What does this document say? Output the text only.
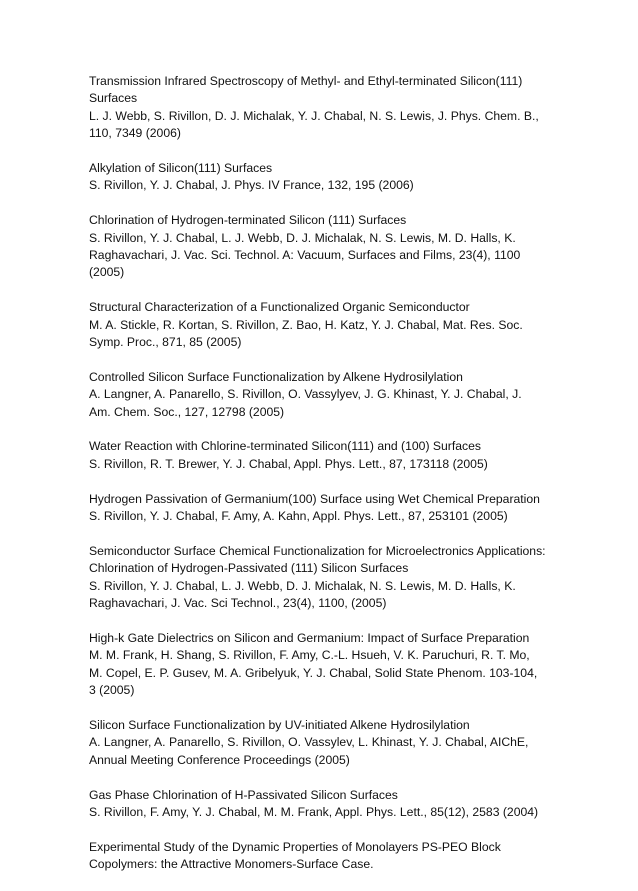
Transmission Infrared Spectroscopy of Methyl- and Ethyl-terminated Silicon(111)
Surfaces
L. J. Webb, S. Rivillon, D. J. Michalak, Y. J. Chabal, N. S. Lewis, J. Phys. Chem. B.,
110, 7349 (2006)
Alkylation of Silicon(111) Surfaces
S. Rivillon, Y. J. Chabal, J. Phys. IV France, 132, 195 (2006)
Chlorination of Hydrogen-terminated Silicon (111) Surfaces
S. Rivillon, Y. J. Chabal, L. J. Webb, D. J. Michalak, N. S. Lewis, M. D. Halls, K.
Raghavachari, J. Vac. Sci. Technol. A: Vacuum, Surfaces and Films, 23(4), 1100
(2005)
Structural Characterization of a Functionalized Organic Semiconductor
M. A. Stickle, R. Kortan, S. Rivillon, Z. Bao, H. Katz, Y. J. Chabal, Mat. Res. Soc.
Symp. Proc., 871, 85 (2005)
Controlled Silicon Surface Functionalization by Alkene Hydrosilylation
A. Langner, A. Panarello, S. Rivillon, O. Vassylyev, J. G. Khinast, Y. J. Chabal, J.
Am. Chem. Soc., 127, 12798 (2005)
Water Reaction with Chlorine-terminated Silicon(111) and (100) Surfaces
S. Rivillon, R. T. Brewer, Y. J. Chabal, Appl. Phys. Lett., 87, 173118 (2005)
Hydrogen Passivation of Germanium(100) Surface using Wet Chemical Preparation
S. Rivillon, Y. J. Chabal, F. Amy, A. Kahn, Appl. Phys. Lett., 87, 253101 (2005)
Semiconductor Surface Chemical Functionalization for Microelectronics Applications:
Chlorination of Hydrogen-Passivated (111) Silicon Surfaces
S. Rivillon, Y. J. Chabal, L. J. Webb, D. J. Michalak, N. S. Lewis, M. D. Halls, K.
Raghavachari, J. Vac. Sci Technol., 23(4), 1100, (2005)
High-k Gate Dielectrics on Silicon and Germanium: Impact of Surface Preparation
M. M. Frank, H. Shang, S. Rivillon, F. Amy, C.-L. Hsueh, V. K. Paruchuri, R. T. Mo,
M. Copel, E. P. Gusev, M. A. Gribelyuk, Y. J. Chabal, Solid State Phenom. 103-104,
3 (2005)
Silicon Surface Functionalization by UV-initiated Alkene Hydrosilylation
A. Langner, A. Panarello, S. Rivillon, O. Vassylev, L. Khinast, Y. J. Chabal, AIChE,
Annual Meeting Conference Proceedings (2005)
Gas Phase Chlorination of H-Passivated Silicon Surfaces
S. Rivillon, F. Amy, Y. J. Chabal, M. M. Frank, Appl. Phys. Lett., 85(12), 2583 (2004)
Experimental Study of the Dynamic Properties of Monolayers PS-PEO Block
Copolymers: the Attractive Monomers-Surface Case.
